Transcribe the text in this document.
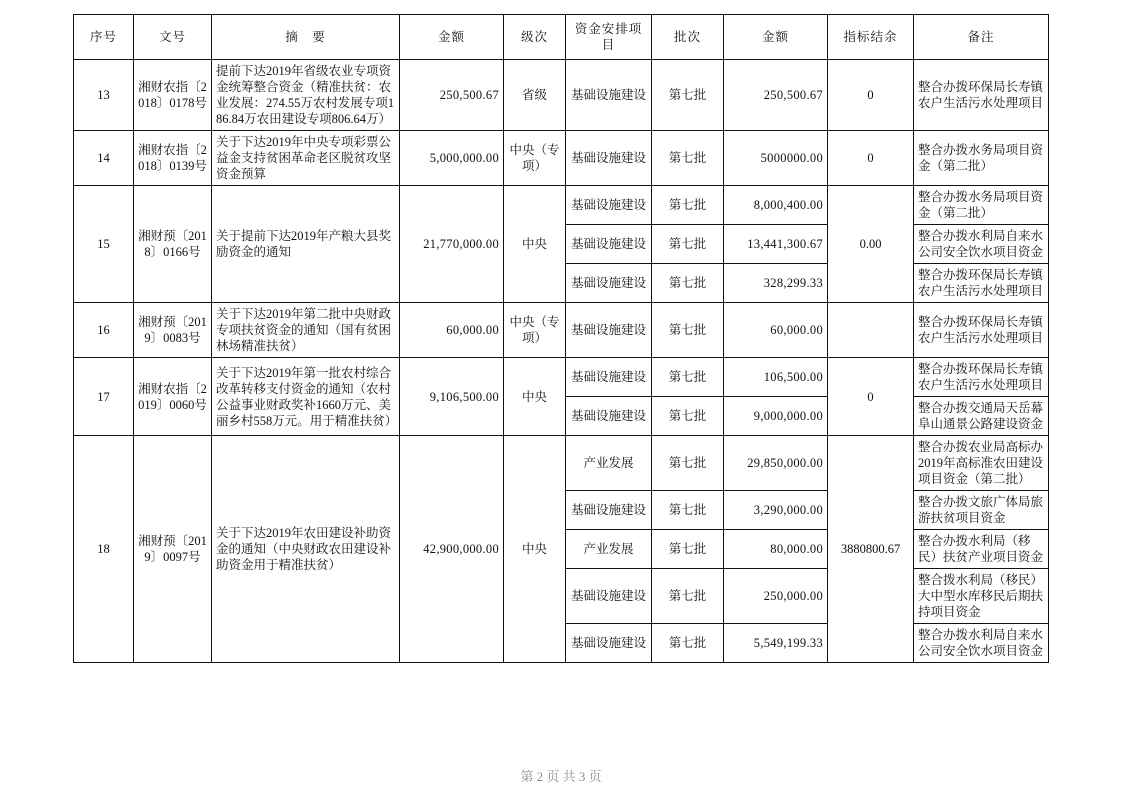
序号	文号	摘　要	金额	级次	资金安排项目	批次	金额	指标结余	备注
13	湘财农指〔2018〕0178号	提前下达2019年省级农业专项资金统筹整合资金（精准扶贫：农业发展：274.55万农村发展专项186.84万农田建设专项806.64万）	250,500.67	省级	基础设施建设	第七批	250,500.67	0	整合办拨环保局长寿镇农户生活污水处理项目
14	湘财农指〔2018〕0139号	关于下达2019年中央专项彩票公益金支持贫困革命老区脱贫攻坚资金预算	5,000,000.00	中央（专项）	基础设施建设	第七批	5000000.00	0	整合办拨水务局项目资金（第二批）
15	湘财预〔2018〕0166号	关于提前下达2019年产粮大县奖励资金的通知	21,770,000.00	中央	基础设施建设	第七批	8,000,400.00	0.00	整合办拨水务局项目资金（第二批）
					基础设施建设	第七批	13,441,300.67		整合办拨水利局自来水公司安全饮水项目资金
					基础设施建设	第七批	328,299.33		整合办拨环保局长寿镇农户生活污水处理项目
16	湘财预〔2019〕0083号	关于下达2019年第二批中央财政专项扶贫资金的通知（国有贫困林场精准扶贫）	60,000.00	中央（专项）	基础设施建设	第七批	60,000.00		整合办拨环保局长寿镇农户生活污水处理项目
17	湘财农指〔2019〕0060号	关于下达2019年第一批农村综合改革转移支付资金的通知（农村公益事业财政奖补1660万元、美丽乡村558万元。用于精准扶贫）	9,106,500.00	中央	基础设施建设	第七批	106,500.00	0	整合办拨环保局长寿镇农户生活污水处理项目
					基础设施建设	第七批	9,000,000.00		整合办拨交通局天岳幕阜山通景公路建设资金
18	湘财预〔2019〕0097号	关于下达2019年农田建设补助资金的通知（中央财政农田建设补助资金用于精准扶贫）	42,900,000.00	中央	产业发展	第七批	29,850,000.00	3880800.67	整合办拨农业局高标办2019年高标准农田建设项目资金（第二批）
					基础设施建设	第七批	3,290,000.00		整合办拨文旅广体局旅游扶贫项目资金
					产业发展	第七批	80,000.00		整合办拨水利局（移民）扶贫产业项目资金
					基础设施建设	第七批	250,000.00		整合拨水利局（移民）大中型水库移民后期扶持项目资金
					基础设施建设	第七批	5,549,199.33		整合办拨水利局自来水公司安全饮水项目资金
第 2 页 共 3 页
